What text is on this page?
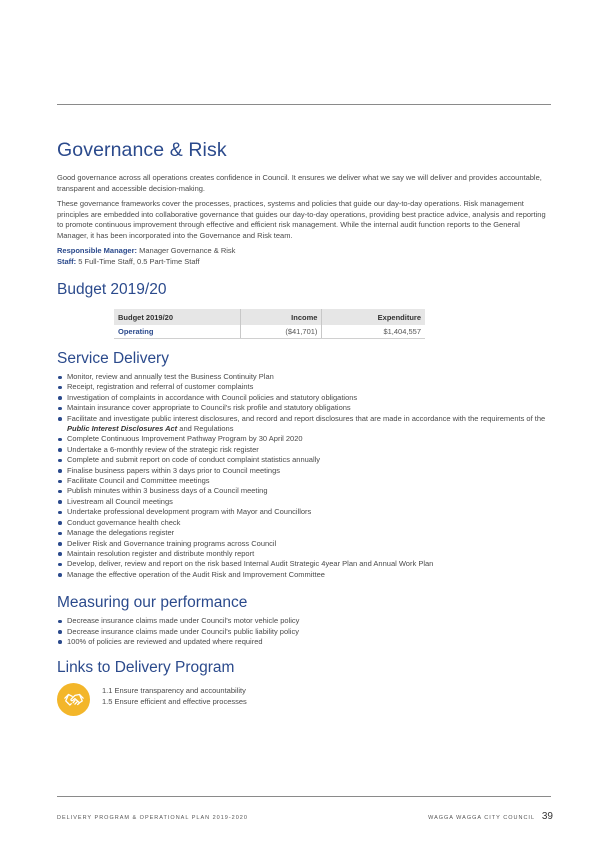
Governance & Risk

Good governance across all operations creates confidence in Council. It ensures we deliver what we say we will deliver and provides accountable, transparent and accessible decision-making.

These governance frameworks cover the processes, practices, systems and policies that guide our day-to-day operations. Risk management principles are embedded into collaborative governance that guides our day-to-day operations, providing best practice advice, analysis and reporting to promote continuous improvement through effective and efficient risk management. While the internal audit function reports to the General Manager, it has been incorporated into the Governance and Risk team.

Responsible Manager: Manager Governance & Risk
Staff: 5 Full-Time Staff, 0.5 Part-Time Staff
Budget 2019/20
Budget 2019/20	Income	Expenditure
Operating	($41,701)	$1,404,557
Service Delivery
Monitor, review and annually test the Business Continuity Plan
Receipt, registration and referral of customer complaints
Investigation of complaints in accordance with Council policies and statutory obligations
Maintain insurance cover appropriate to Council's risk profile and statutory obligations
Facilitate and investigate public interest disclosures, and record and report disclosures that are made in accordance with the requirements of the Public Interest Disclosures Act and Regulations
Complete Continuous Improvement Pathway Program by 30 April 2020
Undertake a 6-monthly review of the strategic risk register
Complete and submit report on code of conduct complaint statistics annually
Finalise business papers within 3 days prior to Council meetings
Facilitate Council and Committee meetings
Publish minutes within 3 business days of a Council meeting
Livestream all Council meetings
Undertake professional development program with Mayor and Councillors
Conduct governance health check
Manage the delegations register
Deliver Risk and Governance training programs across Council
Maintain resolution register and distribute monthly report
Develop, deliver, review and report on the risk based Internal Audit Strategic 4year Plan and Annual Work Plan
Manage the effective operation of the Audit Risk and Improvement Committee
Measuring our performance
Decrease insurance claims made under Council's motor vehicle policy
Decrease insurance claims made under Council's public liability policy
100% of policies are reviewed and updated where required
Links to Delivery Program
1.1 Ensure transparency and accountability
1.5 Ensure efficient and effective processes
DELIVERY PROGRAM & OPERATIONAL PLAN 2019-2020	WAGGA WAGGA CITY COUNCIL 39
